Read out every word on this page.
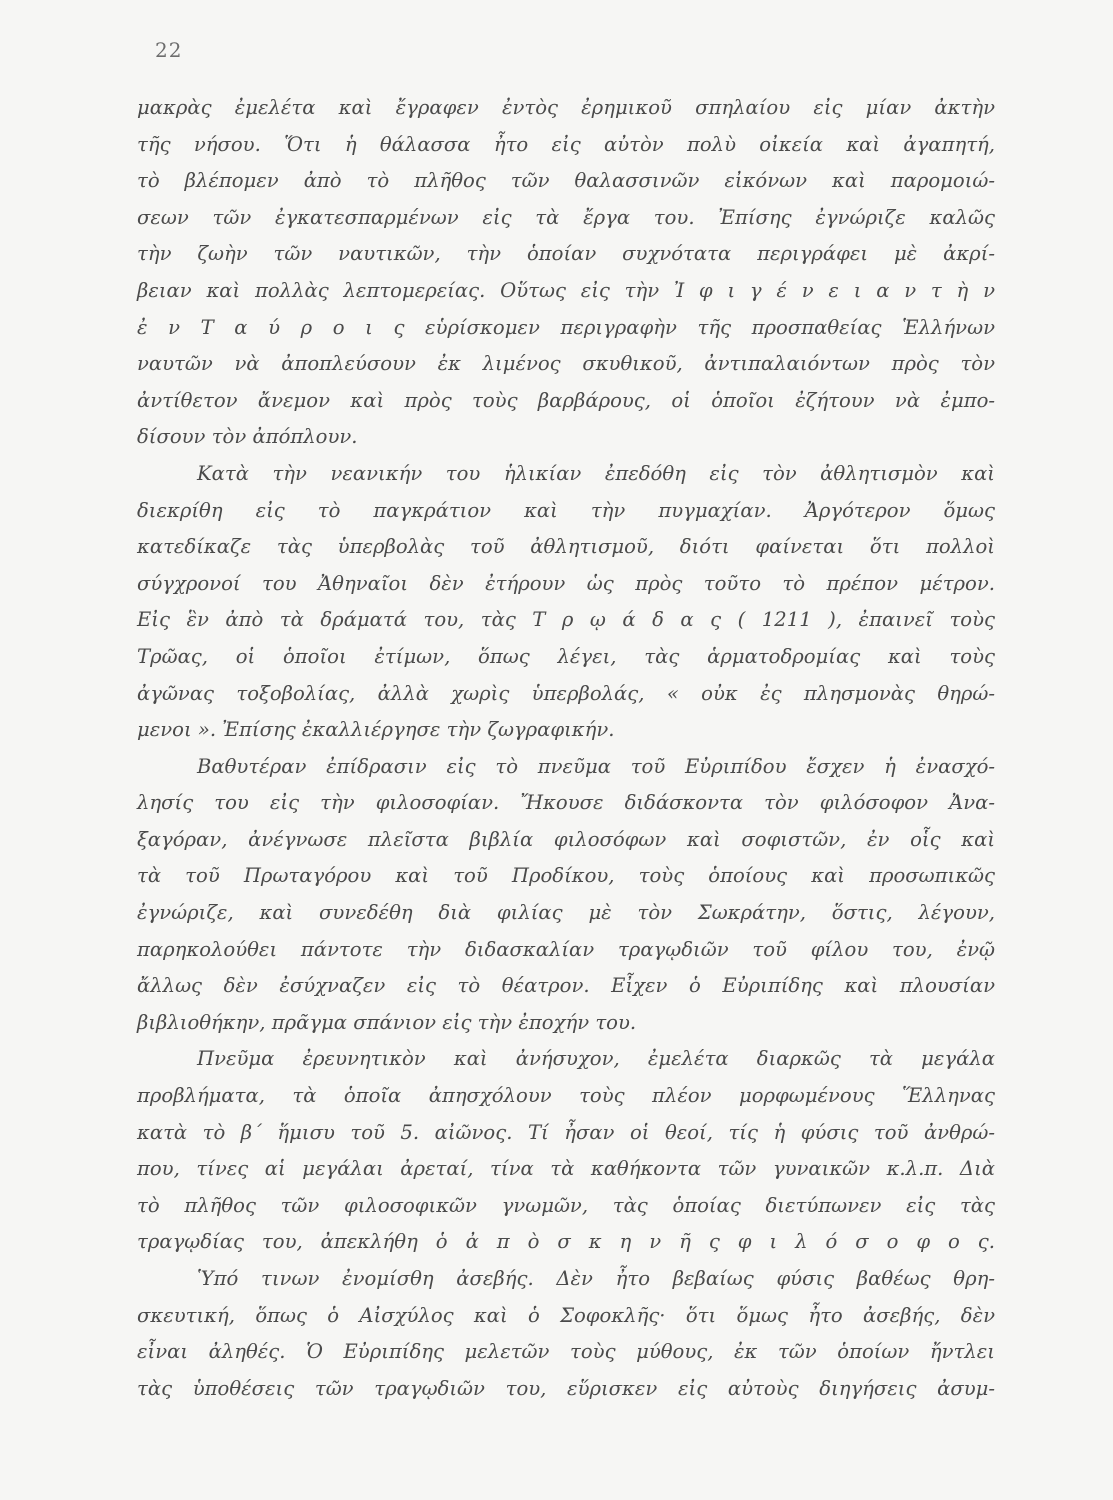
22
μακρὰς ἐμελέτα καὶ ἔγραφεν ἐντὸς ἐρημικοῦ σπηλαίου εἰς μίαν ἀκτὴν
τῆς νήσου. Ὅτι ἡ θάλασσα ἦτο εἰς αὐτὸν πολὺ οἰκεία καὶ ἀγαπητή,
τὸ βλέπομεν ἀπὸ τὸ πλῆθος τῶν θαλασσινῶν εἰκόνων καὶ παρομοιώ-
σεων τῶν ἐγκατεσπαρμένων εἰς τὰ ἔργα του. Ἐπίσης ἐγνώριζε καλῶς
τὴν ζωὴν τῶν ναυτικῶν, τὴν ὁποίαν συχνότατα περιγράφει μὲ ἀκρί-
βειαν καὶ πολλὰς λεπτομερείας. Οὕτως εἰς τὴν Ἰ φ ι γ έ ν ε ι α ν τ ὴ ν
ἐ ν Τ α ύ ρ ο ι ς εὑρίσκομεν περιγραφὴν τῆς προσπαθείας Ἑλλήνων
ναυτῶν νὰ ἀποπλεύσουν ἐκ λιμένος σκυθικοῦ, ἀντιπαλαιόντων πρὸς τὸν
ἀντίθετον ἄνεμον καὶ πρὸς τοὺς βαρβάρους, οἱ ὁποῖοι ἐζήτουν νὰ ἐμπο-
δίσουν τὸν ἀπόπλουν.
Κατὰ τὴν νεανικήν του ἡλικίαν ἐπεδόθη εἰς τὸν ἀθλητισμὸν καὶ
διεκρίθη εἰς τὸ παγκράτιον καὶ τὴν πυγμαχίαν. Ἀργότερον ὅμως
κατεδίκαζε τὰς ὑπερβολὰς τοῦ ἀθλητισμοῦ, διότι φαίνεται ὅτι πολλοὶ
σύγχρονοί του Ἀθηναῖοι δὲν ἐτήρουν ὡς πρὸς τοῦτο τὸ πρέπον μέτρον.
Εἰς ἓν ἀπὸ τὰ δράματά του, τὰς Τ ρ ῳ ά δ α ς ( 1211 ), ἐπαινεῖ τοὺς
Τρῶας, οἱ ὁποῖοι ἐτίμων, ὅπως λέγει, τὰς ἁρματοδρομίας καὶ τοὺς
ἀγῶνας τοξοβολίας, ἀλλὰ χωρὶς ὑπερβολάς, « οὐκ ἐς πλησμονὰς θηρώ-
μενοι ». Ἐπίσης ἐκαλλιέργησε τὴν ζωγραφικήν.
Βαθυτέραν ἐπίδρασιν εἰς τὸ πνεῦμα τοῦ Εὐριπίδου ἔσχεν ἡ ἐνασχό-
λησίς του εἰς τὴν φιλοσοφίαν. Ἤκουσε διδάσκοντα τὸν φιλόσοφον Ἀνα-
ξαγόραν, ἀνέγνωσε πλεῖστα βιβλία φιλοσόφων καὶ σοφιστῶν, ἐν οἷς καὶ
τὰ τοῦ Πρωταγόρου καὶ τοῦ Προδίκου, τοὺς ὁποίους καὶ προσωπικῶς
ἐγνώριζε, καὶ συνεδέθη διὰ φιλίας μὲ τὸν Σωκράτην, ὅστις, λέγουν,
παρηκολούθει πάντοτε τὴν διδασκαλίαν τραγῳδιῶν τοῦ φίλου του, ἐνῷ
ἄλλως δὲν ἐσύχναζεν εἰς τὸ θέατρον. Εἶχεν ὁ Εὐριπίδης καὶ πλουσίαν
βιβλιοθήκην, πρᾶγμα σπάνιον εἰς τὴν ἐποχήν του.
Πνεῦμα ἐρευνητικὸν καὶ ἀνήσυχον, ἐμελέτα διαρκῶς τὰ μεγάλα
προβλήματα, τὰ ὁποῖα ἀπησχόλουν τοὺς πλέον μορφωμένους Ἕλληνας
κατὰ τὸ β΄ ἥμισυ τοῦ 5. αἰῶνος. Τί ἦσαν οἱ θεοί, τίς ἡ φύσις τοῦ ἀνθρώ-
που, τίνες αἱ μεγάλαι ἀρεταί, τίνα τὰ καθήκοντα τῶν γυναικῶν κ.λ.π. Διὰ
τὸ πλῆθος τῶν φιλοσοφικῶν γνωμῶν, τὰς ὁποίας διετύπωνεν εἰς τὰς
τραγῳδίας του, ἀπεκλήθη ὁ ἀ π ὸ σ κ η ν ῆ ς φ ι λ ό σ ο φ ο ς.
Ὑπό τινων ἐνομίσθη ἀσεβής. Δὲν ἦτο βεβαίως φύσις βαθέως θρη-
σκευτική, ὅπως ὁ Αἰσχύλος καὶ ὁ Σοφοκλῆς· ὅτι ὅμως ἦτο ἀσεβής, δὲν
εἶναι ἀληθές. Ὁ Εὐριπίδης μελετῶν τοὺς μύθους, ἐκ τῶν ὁποίων ἤντλει
τὰς ὑποθέσεις τῶν τραγῳδιῶν του, εὕρισκεν εἰς αὐτοὺς διηγήσεις ἀσυμ-
